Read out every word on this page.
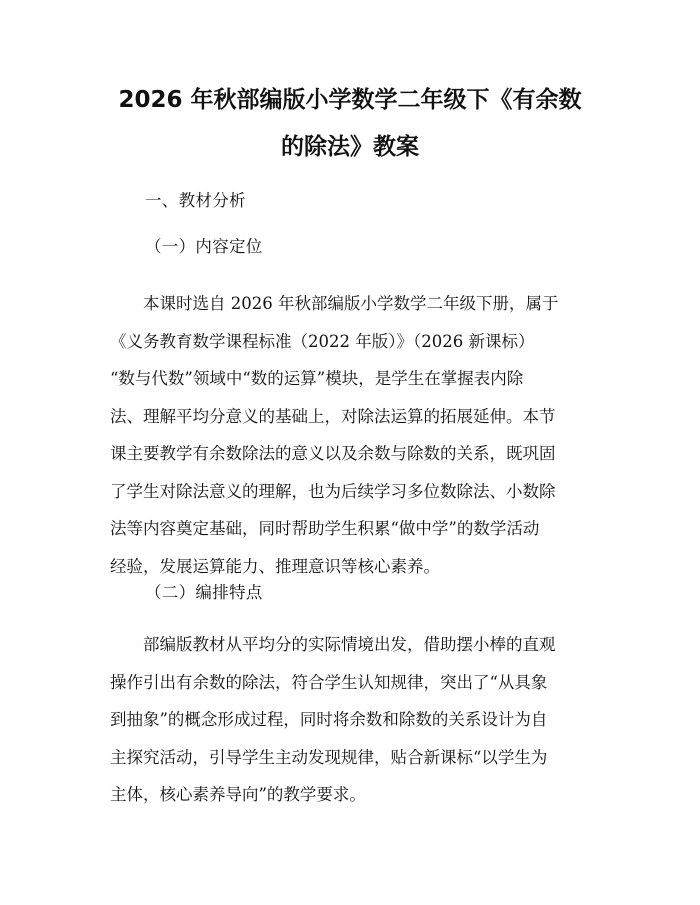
2026 年秋部编版小学数学二年级下《有余数
的除法》教案

一、教材分析

（一）内容定位

本课时选自 2026 年秋部编版小学数学二年级下册，属于
《义务教育数学课程标准（2022 年版）》（2026 新课标）
“数与代数”领域中“数的运算”模块，是学生在掌握表内除
法、理解平均分意义的基础上，对除法运算的拓展延伸。本节
课主要教学有余数除法的意义以及余数与除数的关系，既巩固
了学生对除法意义的理解，也为后续学习多位数除法、小数除
法等内容奠定基础，同时帮助学生积累“做中学”的数学活动
经验，发展运算能力、推理意识等核心素养。

（二）编排特点

部编版教材从平均分的实际情境出发，借助摆小棒的直观
操作引出有余数的除法，符合学生认知规律，突出了“从具象
到抽象”的概念形成过程，同时将余数和除数的关系设计为自
主探究活动，引导学生主动发现规律，贴合新课标“以学生为
主体，核心素养导向”的教学要求。
